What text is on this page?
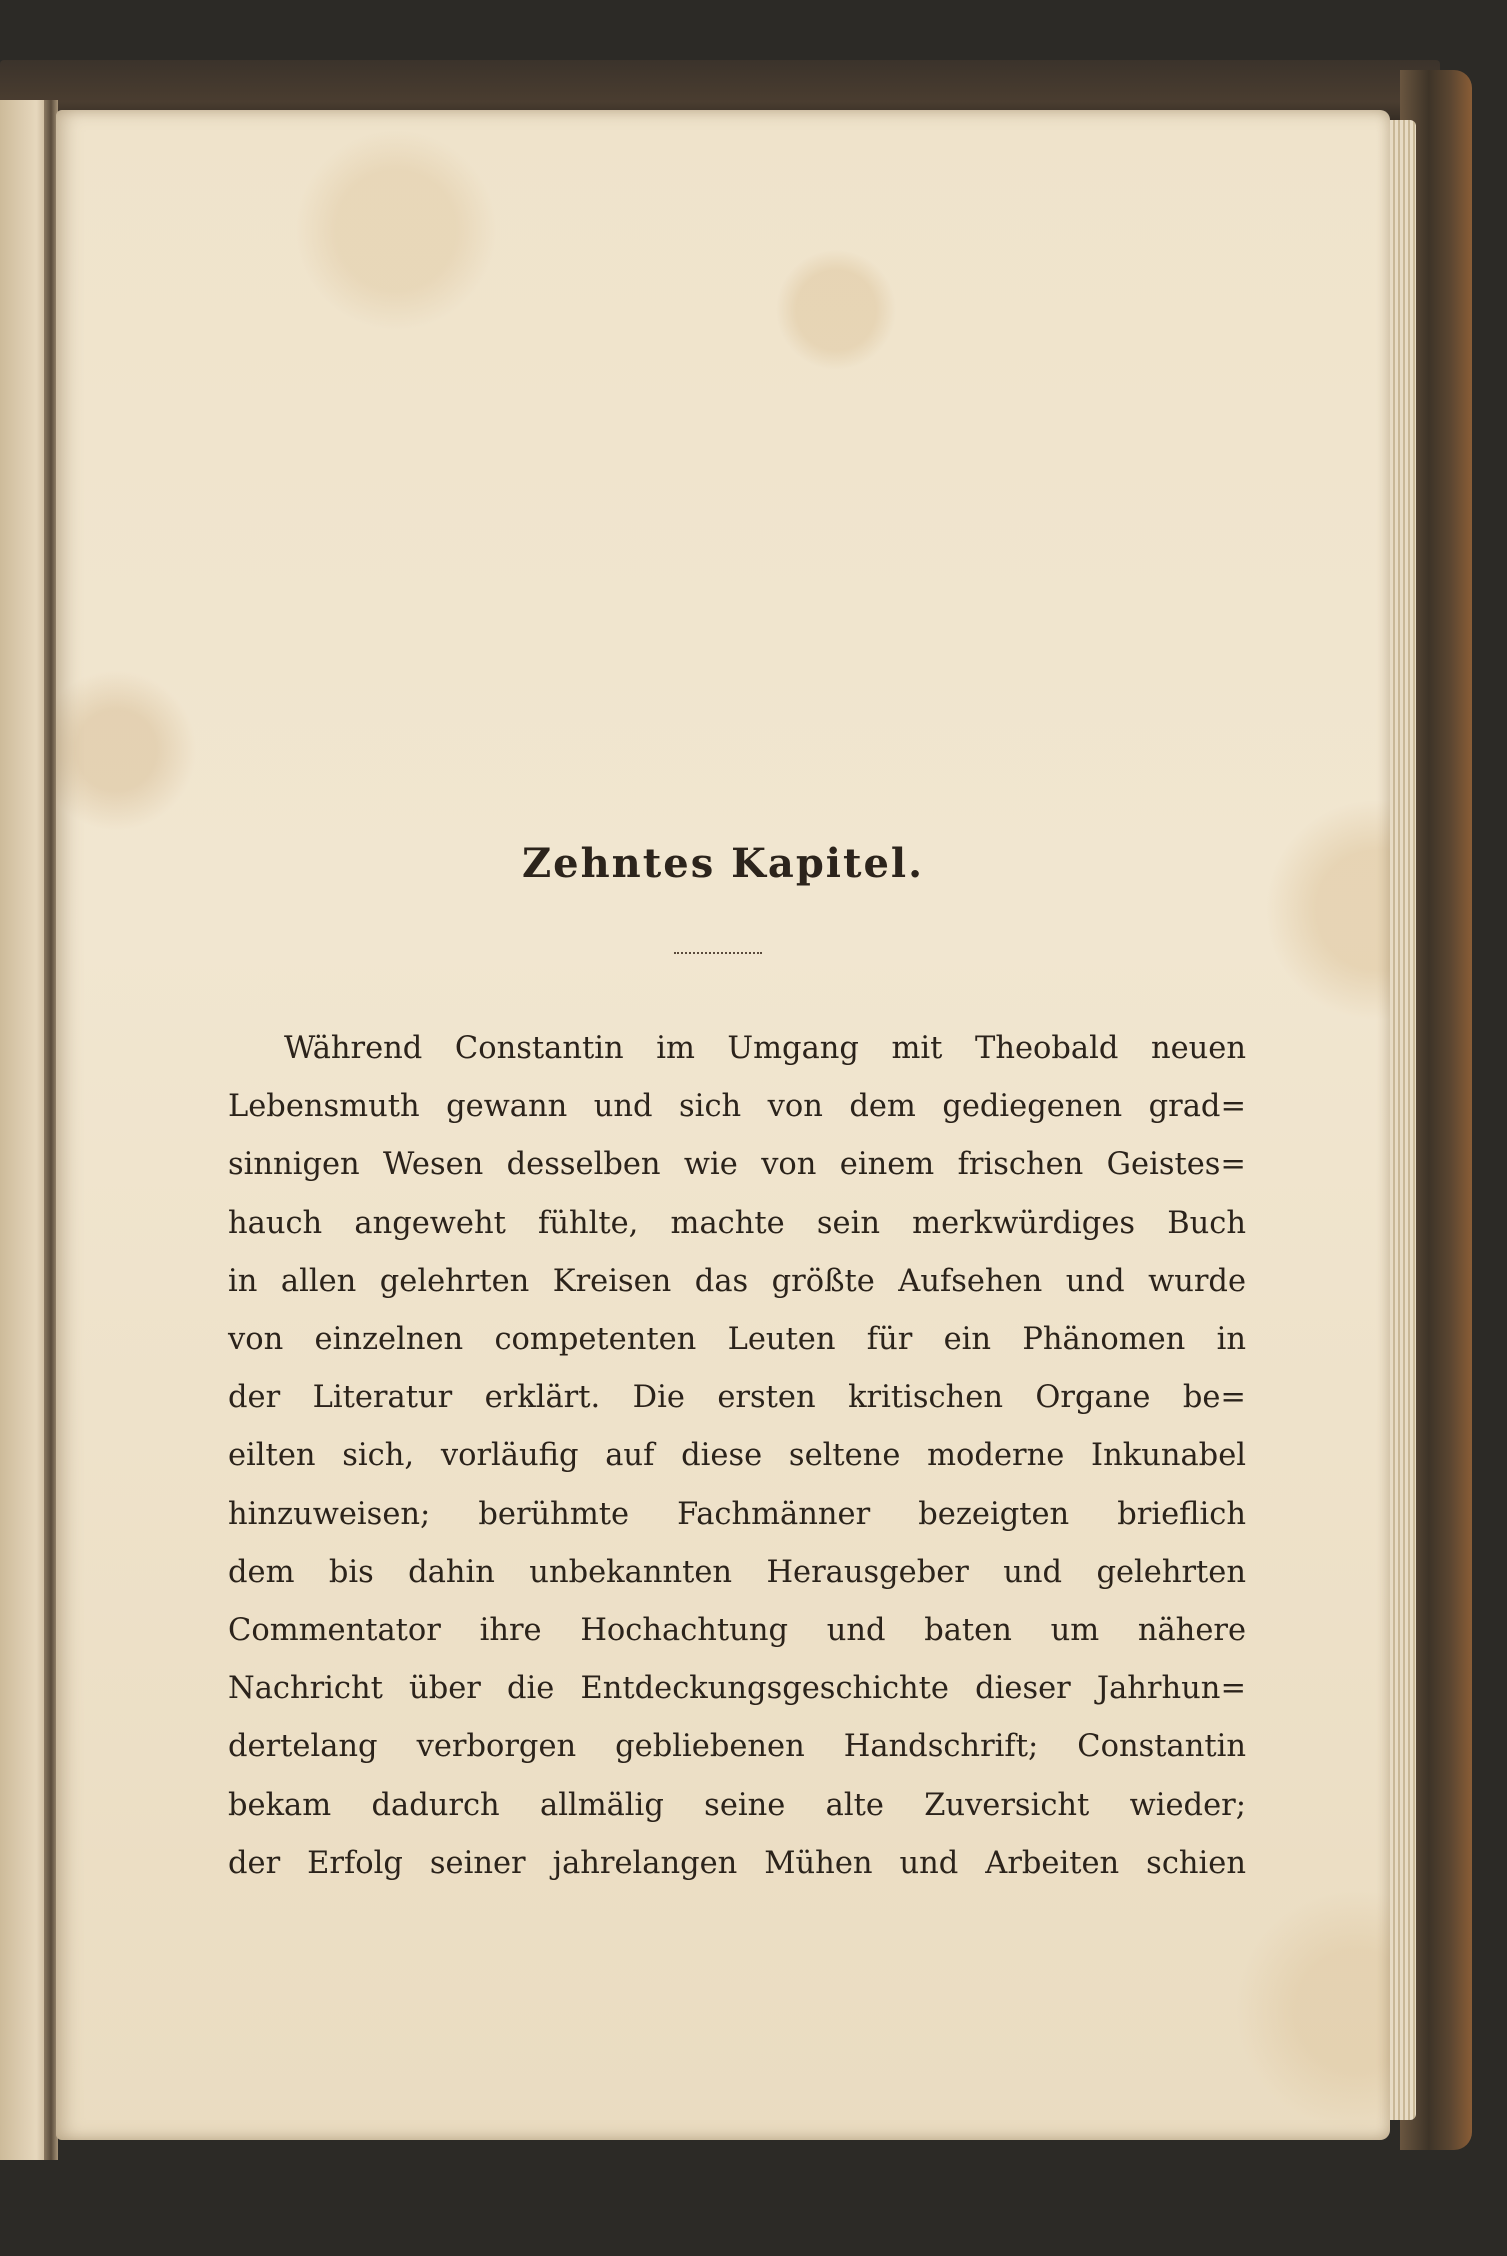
Zehntes Kapitel.

Während Constantin im Umgang mit Theobald neuen
Lebensmuth gewann und sich von dem gediegenen grad=
sinnigen Wesen desselben wie von einem frischen Geistes=
hauch angeweht fühlte, machte sein merkwürdiges Buch
in allen gelehrten Kreisen das größte Aufsehen und wurde
von einzelnen competenten Leuten für ein Phänomen in
der Literatur erklärt. Die ersten kritischen Organe be=
eilten sich, vorläufig auf diese seltene moderne Inkunabel
hinzuweisen; berühmte Fachmänner bezeigten brieflich
dem bis dahin unbekannten Herausgeber und gelehrten
Commentator ihre Hochachtung und baten um nähere
Nachricht über die Entdeckungsgeschichte dieser Jahrhun=
dertelang verborgen gebliebenen Handschrift; Constantin
bekam dadurch allmälig seine alte Zuversicht wieder;
der Erfolg seiner jahrelangen Mühen und Arbeiten schien
